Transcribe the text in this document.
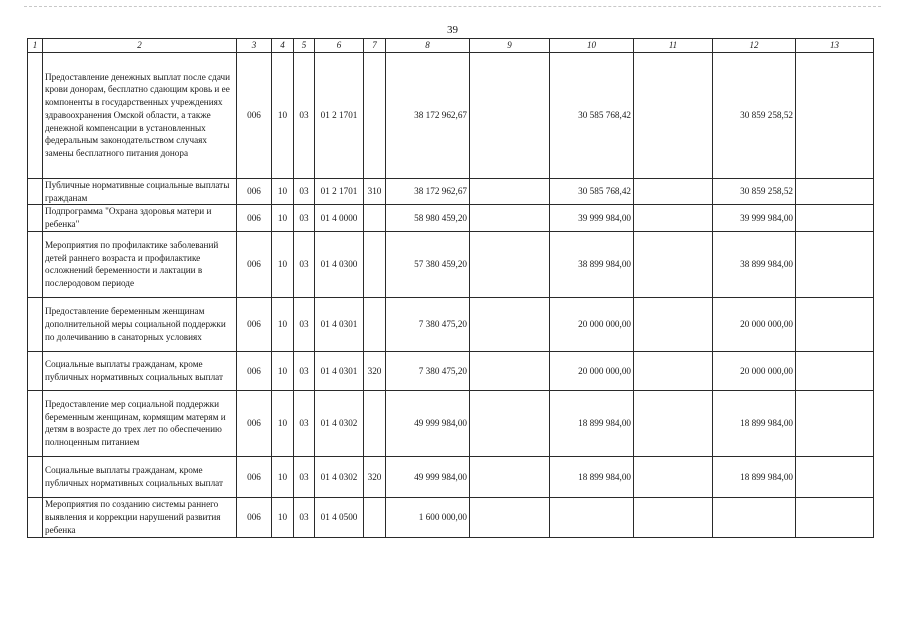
39
1	2	3	4	5	6	7	8	9	10	11	12	13
	Предоставление денежных выплат после сдачи крови донорам, бесплатно сдающим кровь и ее компоненты в государственных учреждениях здравоохранения Омской области, а также денежной компенсации в установленных федеральным законодательством случаях замены бесплатного питания донора	006	10	03	01 2 1701		38 172 962,67		30 585 768,42		30 859 258,52	
	Публичные нормативные социальные выплаты гражданам	006	10	03	01 2 1701	310	38 172 962,67		30 585 768,42		30 859 258,52	
	Подпрограмма "Охрана здоровья матери и ребенка"	006	10	03	01 4 0000		58 980 459,20		39 999 984,00		39 999 984,00	
	Мероприятия по профилактике заболеваний детей раннего возраста и профилактике осложнений беременности и лактации в послеродовом периоде	006	10	03	01 4 0300		57 380 459,20		38 899 984,00		38 899 984,00	
	Предоставление беременным женщинам дополнительной меры социальной поддержки по долечиванию в санаторных условиях	006	10	03	01 4 0301		7 380 475,20		20 000 000,00		20 000 000,00	
	Социальные выплаты гражданам, кроме публичных нормативных социальных выплат	006	10	03	01 4 0301	320	7 380 475,20		20 000 000,00		20 000 000,00	
	Предоставление мер социальной поддержки беременным женщинам, кормящим матерям и детям в возрасте до трех лет по обеспечению полноценным питанием	006	10	03	01 4 0302		49 999 984,00		18 899 984,00		18 899 984,00	
	Социальные выплаты гражданам, кроме публичных нормативных социальных выплат	006	10	03	01 4 0302	320	49 999 984,00		18 899 984,00		18 899 984,00	
	Мероприятия по созданию системы раннего выявления и коррекции нарушений развития ребенка	006	10	03	01 4 0500		1 600 000,00					
